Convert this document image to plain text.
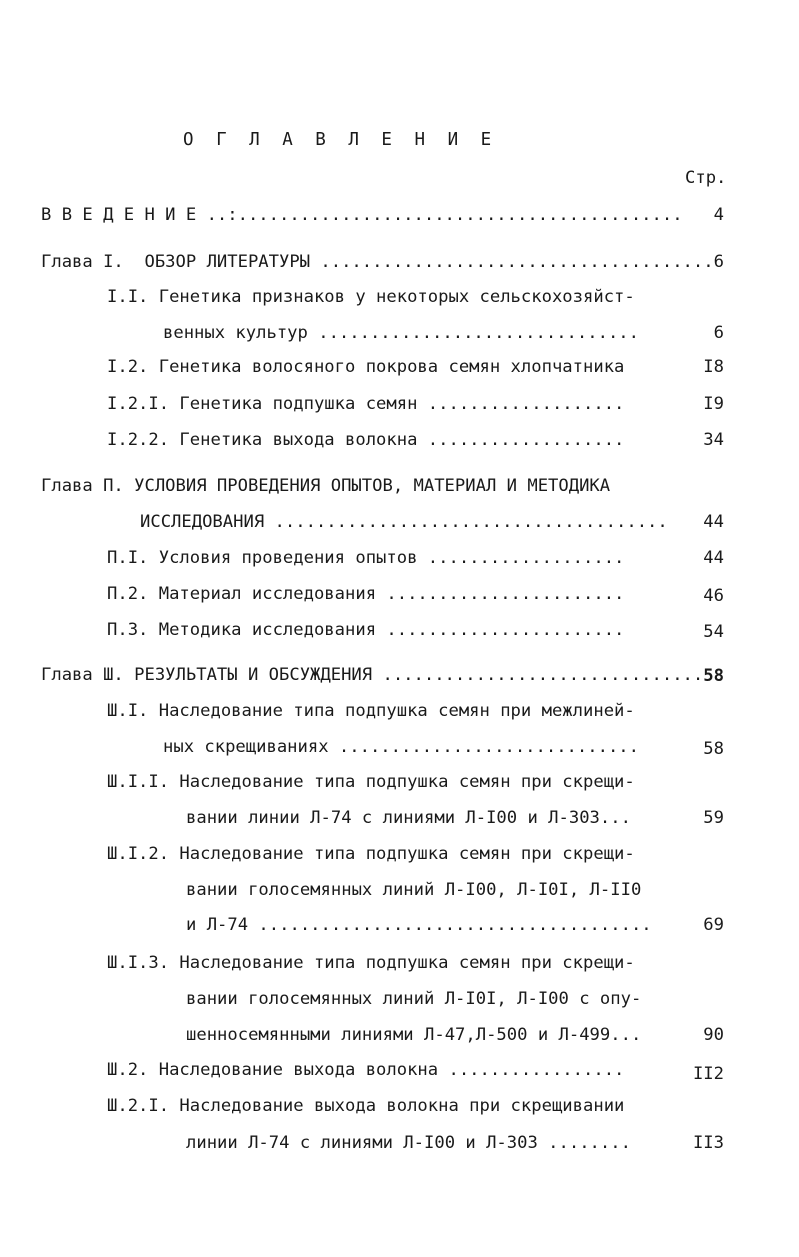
О Г Л А В Л Е Н И Е
Стр.
В В Е Д Е Н И Е ..:...........................................	4
Глава I.  ОБЗОР ЛИТЕРАТУРЫ ...................................... 6
I.I. Генетика признаков у некоторых сельскохозяйст-
венных культур ...............................	6
I.2. Генетика волосяного покрова семян хлопчатника	I8
I.2.I. Генетика подпушка семян ...................	I9
I.2.2. Генетика выхода волокна ...................	34
Глава П. УСЛОВИЯ ПРОВЕДЕНИЯ ОПЫТОВ, МАТЕРИАЛ И МЕТОДИКА
ИССЛЕДОВАНИЯ ......................................	44
П.I. Условия проведения опытов ...................	44
П.2. Материал исследования .......................	46
П.3. Методика исследования .......................	54
Глава Ш. РЕЗУЛЬТАТЫ И ОБСУЖДЕНИЯ ............................... 58
Ш.I. Наследование типа подпушка семян при межлиней-
ных скрещиваниях .............................	58
Ш.I.I. Наследование типа подпушка семян при скрещи-
вании линии Л-74 с линиями Л-I00 и Л-303...	59
Ш.I.2. Наследование типа подпушка семян при скрещи-
вании голосемянных линий Л-I00, Л-I0I, Л-II0
и Л-74 ......................................	69
Ш.I.3. Наследование типа подпушка семян при скрещи-
вании голосемянных линий Л-I0I, Л-I00 с опу-
шенносемянными линиями Л-47,Л-500 и Л-499...	90
Ш.2. Наследование выхода волокна .................	II2
Ш.2.I. Наследование выхода волокна при скрещивании
линии Л-74 с линиями Л-I00 и Л-303 ........	II3
